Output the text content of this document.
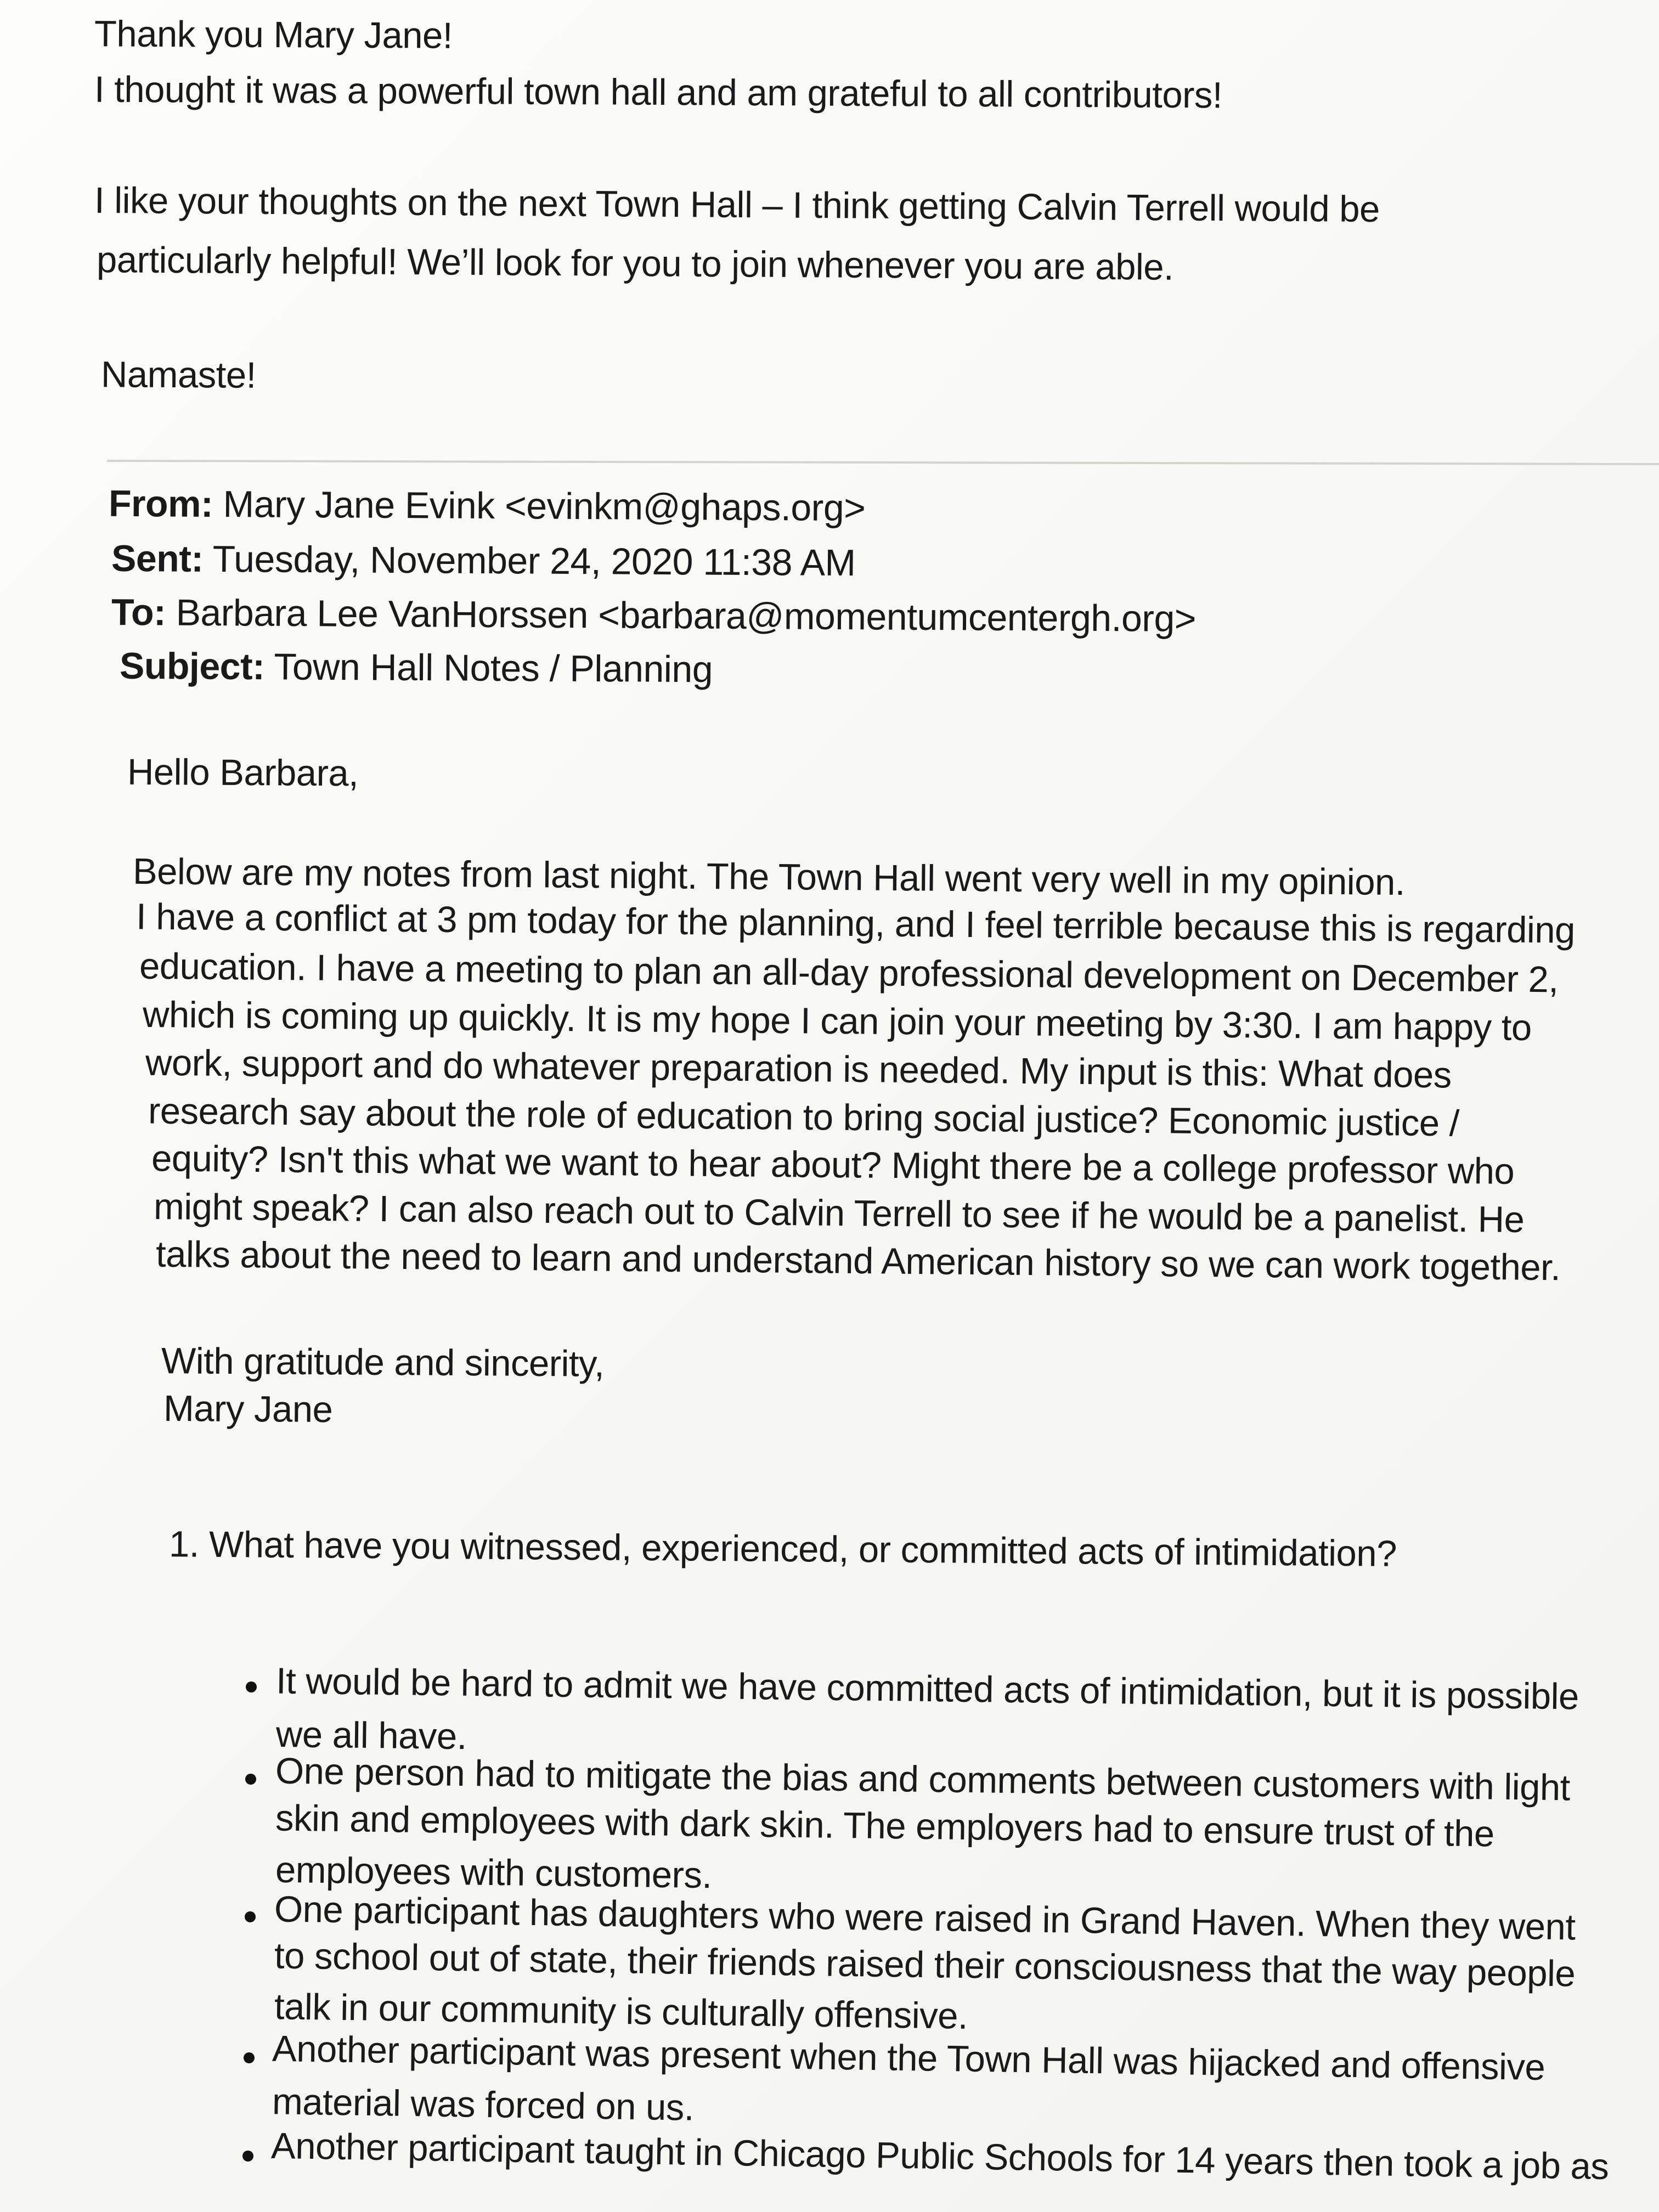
Thank you Mary Jane!
I thought it was a powerful town hall and am grateful to all contributors!
I like your thoughts on the next Town Hall – I think getting Calvin Terrell would be
particularly helpful! We’ll look for you to join whenever you are able.
Namaste!
From: Mary Jane Evink <evinkm@ghaps.org>
Sent: Tuesday, November 24, 2020 11:38 AM
To: Barbara Lee VanHorssen <barbara@momentumcentergh.org>
Subject: Town Hall Notes / Planning
Hello Barbara,
Below are my notes from last night. The Town Hall went very well in my opinion.
I have a conflict at 3 pm today for the planning, and I feel terrible because this is regarding
education. I have a meeting to plan an all-day professional development on December 2,
which is coming up quickly. It is my hope I can join your meeting by 3:30. I am happy to
work, support and do whatever preparation is needed. My input is this: What does
research say about the role of education to bring social justice? Economic justice /
equity? Isn't this what we want to hear about? Might there be a college professor who
might speak? I can also reach out to Calvin Terrell to see if he would be a panelist. He
talks about the need to learn and understand American history so we can work together.
With gratitude and sincerity,
Mary Jane
1. What have you witnessed, experienced, or committed acts of intimidation?
It would be hard to admit we have committed acts of intimidation, but it is possible
we all have.
One person had to mitigate the bias and comments between customers with light
skin and employees with dark skin. The employers had to ensure trust of the
employees with customers.
One participant has daughters who were raised in Grand Haven. When they went
to school out of state, their friends raised their consciousness that the way people
talk in our community is culturally offensive.
Another participant was present when the Town Hall was hijacked and offensive
material was forced on us.
Another participant taught in Chicago Public Schools for 14 years then took a job as
